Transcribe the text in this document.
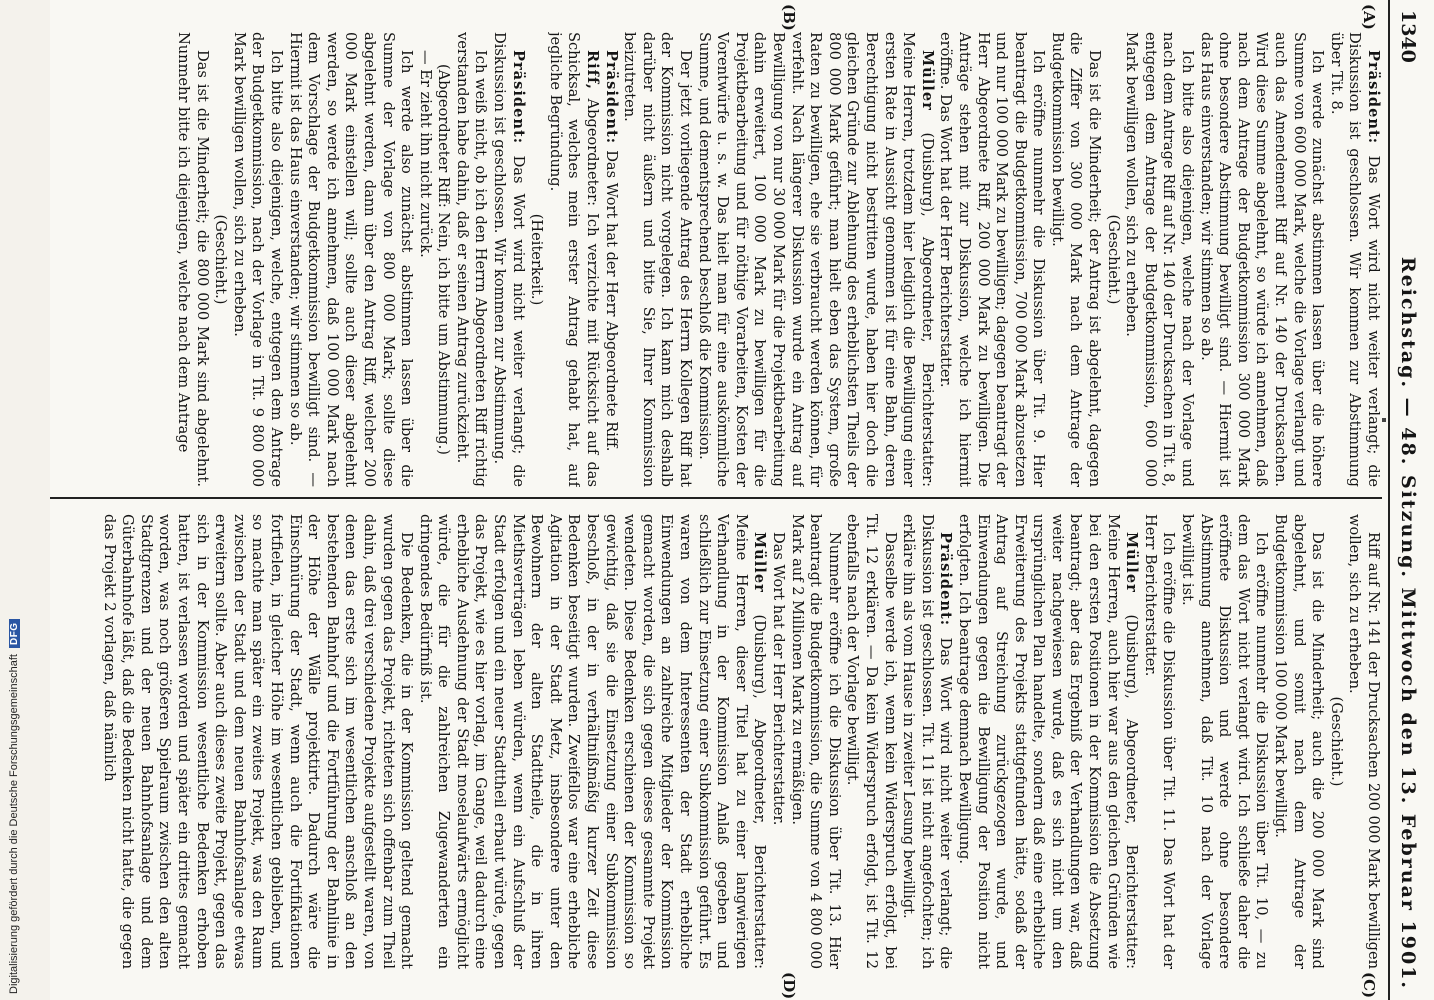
1340
Reichstag. — 48. Sitzung. Mittwoch den 13. Februar 1901.

Präsident: Das Wort wird nicht weiter verlangt; die Diskussion ist geschlossen. Wir kommen zur Abstimmung über Tit. 8.

Ich werde zunächst abstimmen lassen über die höhere Summe von 600 000 Mark, welche die Vorlage verlangt und auch das Amendement Riff auf Nr. 140 der Drucksachen. Wird diese Summe abgelehnt, so würde ich annehmen, daß nach dem Antrage der Budgetkommission 300 000 Mark ohne besondere Abstimmung bewilligt sind. — Hiermit ist das Haus einverstanden; wir stimmen so ab.

Ich bitte also diejenigen, welche nach der Vorlage und nach dem Antrage Riff auf Nr. 140 der Drucksachen in Tit. 8, entgegen dem Antrage der Budgetkommission, 600 000 Mark bewilligen wollen, sich zu erheben.

(Geschieht.)

Das ist die Minderheit; der Antrag ist abgelehnt, dagegen die Ziffer von 300 000 Mark nach dem Antrage der Budgetkommission bewilligt.

Ich eröffne nunmehr die Diskussion über Tit. 9. Hier beantragt die Budgetkommission, 700 000 Mark abzusetzen und nur 100 000 Mark zu bewilligen; dagegen beantragt der Herr Abgeordnete Riff, 200 000 Mark zu bewilligen. Die Anträge stehen mit zur Diskussion, welche ich hiermit eröffne. Das Wort hat der Herr Berichterstatter.

Müller (Duisburg), Abgeordneter, Berichterstatter: Meine Herren, trotzdem hier lediglich die Bewilligung einer ersten Rate in Aussicht genommen ist für eine Bahn, deren Berechtigung nicht bestritten wurde, haben hier doch die gleichen Gründe zur Ablehnung des erheblichsten Theils der 800 000 Mark geführt; man hielt eben das System, große Raten zu bewilligen, ehe sie verbraucht werden können, für verfehlt. Nach längerer Diskussion wurde ein Antrag auf Bewilligung von nur 30 000 Mark für die Projektbearbeitung dahin erweitert, 100 000 Mark zu bewilligen für die Projektbearbeitung und für nöthige Vorarbeiten, Kosten der Vorentwürfe u. s. w. Das hielt man für eine auskömmliche Summe, und dementsprechend beschloß die Kommission.

Der jetzt vorliegende Antrag des Herrn Kollegen Riff hat der Kommission nicht vorgelegen. Ich kann mich deshalb darüber nicht äußern und bitte Sie, Ihrer Kommission beizutreten.

Präsident: Das Wort hat der Herr Abgeordnete Riff.

Riff, Abgeordneter: Ich verzichte mit Rücksicht auf das Schicksal, welches mein erster Antrag gehabt hat, auf jegliche Begründung.

(Heiterkeit.)

Präsident: Das Wort wird nicht weiter verlangt; die Diskussion ist geschlossen. Wir kommen zur Abstimmung.

Ich weiß nicht, ob ich den Herrn Abgeordneten Riff richtig verstanden habe dahin, daß er seinen Antrag zurückzieht.

(Abgeordneter Riff: Nein, ich bitte um Abstimmung.)

— Er zieht ihn nicht zurück.

Ich werde also zunächst abstimmen lassen über die Summe der Vorlage von 800 000 Mark; sollte diese abgelehnt werden, dann über den Antrag Riff, welcher 200 000 Mark einstellen will; sollte auch dieser abgelehnt werden, so werde ich annehmen, daß 100 000 Mark nach dem Vorschlage der Budgetkommission bewilligt sind. — Hiermit ist das Haus einverstanden; wir stimmen so ab.

Ich bitte also diejenigen, welche, entgegen dem Antrage der Budgetkommission, nach der Vorlage in Tit. 9 800 000 Mark bewilligen wollen, sich zu erheben.

(Geschieht.)

Das ist die Minderheit; die 800 000 Mark sind abgelehnt. Nunmehr bitte ich diejenigen, welche nach dem Antrage

Riff auf Nr. 141 der Drucksachen 200 000 Mark bewilligen wollen, sich zu erheben.

(Geschieht.)

Das ist die Minderheit; auch die 200 000 Mark sind abgelehnt, und somit nach dem Antrage der Budgetkommission 100 000 Mark bewilligt.

Ich eröffne nunmehr die Diskussion über Tit. 10, — zu dem das Wort nicht verlangt wird. Ich schließe daher die eröffnete Diskussion und werde ohne besondere Abstimmung annehmen, daß Tit. 10 nach der Vorlage bewilligt ist.

Ich eröffne die Diskussion über Tit. 11. Das Wort hat der Herr Berichterstatter.

Müller (Duisburg), Abgeordneter, Berichterstatter: Meine Herren, auch hier war aus den gleichen Gründen wie bei den ersten Positionen in der Kommission die Absetzung beantragt; aber das Ergebniß der Verhandlungen war, daß weiter nachgewiesen wurde, daß es sich nicht um den ursprünglichen Plan handelte, sondern daß eine erhebliche Erweiterung des Projekts stattgefunden hätte, sodaß der Antrag auf Streichung zurückgezogen wurde, und Einwendungen gegen die Bewilligung der Position nicht erfolgten. Ich beantrage demnach Bewilligung.

Präsident: Das Wort wird nicht weiter verlangt; die Diskussion ist geschlossen. Tit. 11 ist nicht angefochten; ich erkläre ihn als vom Hause in zweiter Lesung bewilligt.

Dasselbe werde ich, wenn kein Widerspruch erfolgt, bei Tit. 12 erklären. — Da kein Widerspruch erfolgt, ist Tit. 12 ebenfalls nach der Vorlage bewilligt.

Nunmehr eröffne ich die Diskussion über Tit. 13. Hier beantragt die Budgetkommission, die Summe von 4 800 000 Mark auf 2 Millionen Mark zu ermäßigen.

Das Wort hat der Herr Berichterstatter.

Müller (Duisburg), Abgeordneter, Berichterstatter: Meine Herren, dieser Titel hat zu einer langwierigen Verhandlung in der Kommission Anlaß gegeben und schließlich zur Einsetzung einer Subkommission geführt. Es waren von dem Interessenten der Stadt erhebliche Einwendungen an zahlreiche Mitglieder der Kommission gemacht worden, die sich gegen dieses gesammte Projekt wendeten. Diese Bedenken erschienen der Kommission so gewichtig, daß sie die Einsetzung einer Subkommission beschloß, in der in verhältnißmäßig kurzer Zeit diese Bedenken beseitigt wurden. Zweifellos war eine erhebliche Agitation in der Stadt Metz, insbesondere unter den Bewohnern der alten Stadttheile, die in ihren Miethsverträgen leben würden, wenn ein Aufschluß der Stadt erfolgen und ein neuer Stadttheil erbaut würde, gegen das Projekt, wie es hier vorlag, im Gange, weil dadurch eine erhebliche Ausdehnung der Stadt moselaufwärts ermöglicht würde, die für die zahlreichen Zugewanderten ein dringendes Bedürfniß ist.

Die Bedenken, die in der Kommission geltend gemacht wurden gegen das Projekt, richteten sich offenbar zum Theil dahin, daß drei verschiedene Projekte aufgestellt waren, von denen das erste sich im wesentlichen anschloß an den bestehenden Bahnhof und die Fortführung der Bahnlinie in der Höhe der Wälle projektirte. Dadurch wäre die Einschnürung der Stadt, wenn auch die Fortifikationen fortfielen, in gleicher Höhe im wesentlichen geblieben, und so machte man später ein zweites Projekt, was den Raum zwischen der Stadt und dem neuen Bahnhofsanlage etwas erweitern sollte. Aber auch dieses zweite Projekt, gegen das sich in der Kommission wesentliche Bedenken erhoben hatten, ist verlassen worden und später ein drittes gemacht worden, was noch größeren Spielraum zwischen den alten Stadtgrenzen und der neuen Bahnhofsanlage und dem Güterbahnhofe läßt, daß die Bedenken nicht hatte, die gegen das Projekt 2 vorlagen, daß nämlich

(A)
(B)
(C)
(D)
Digitalisierung gefördert durch die Deutsche Forschungsgemeinschaft
DFG
